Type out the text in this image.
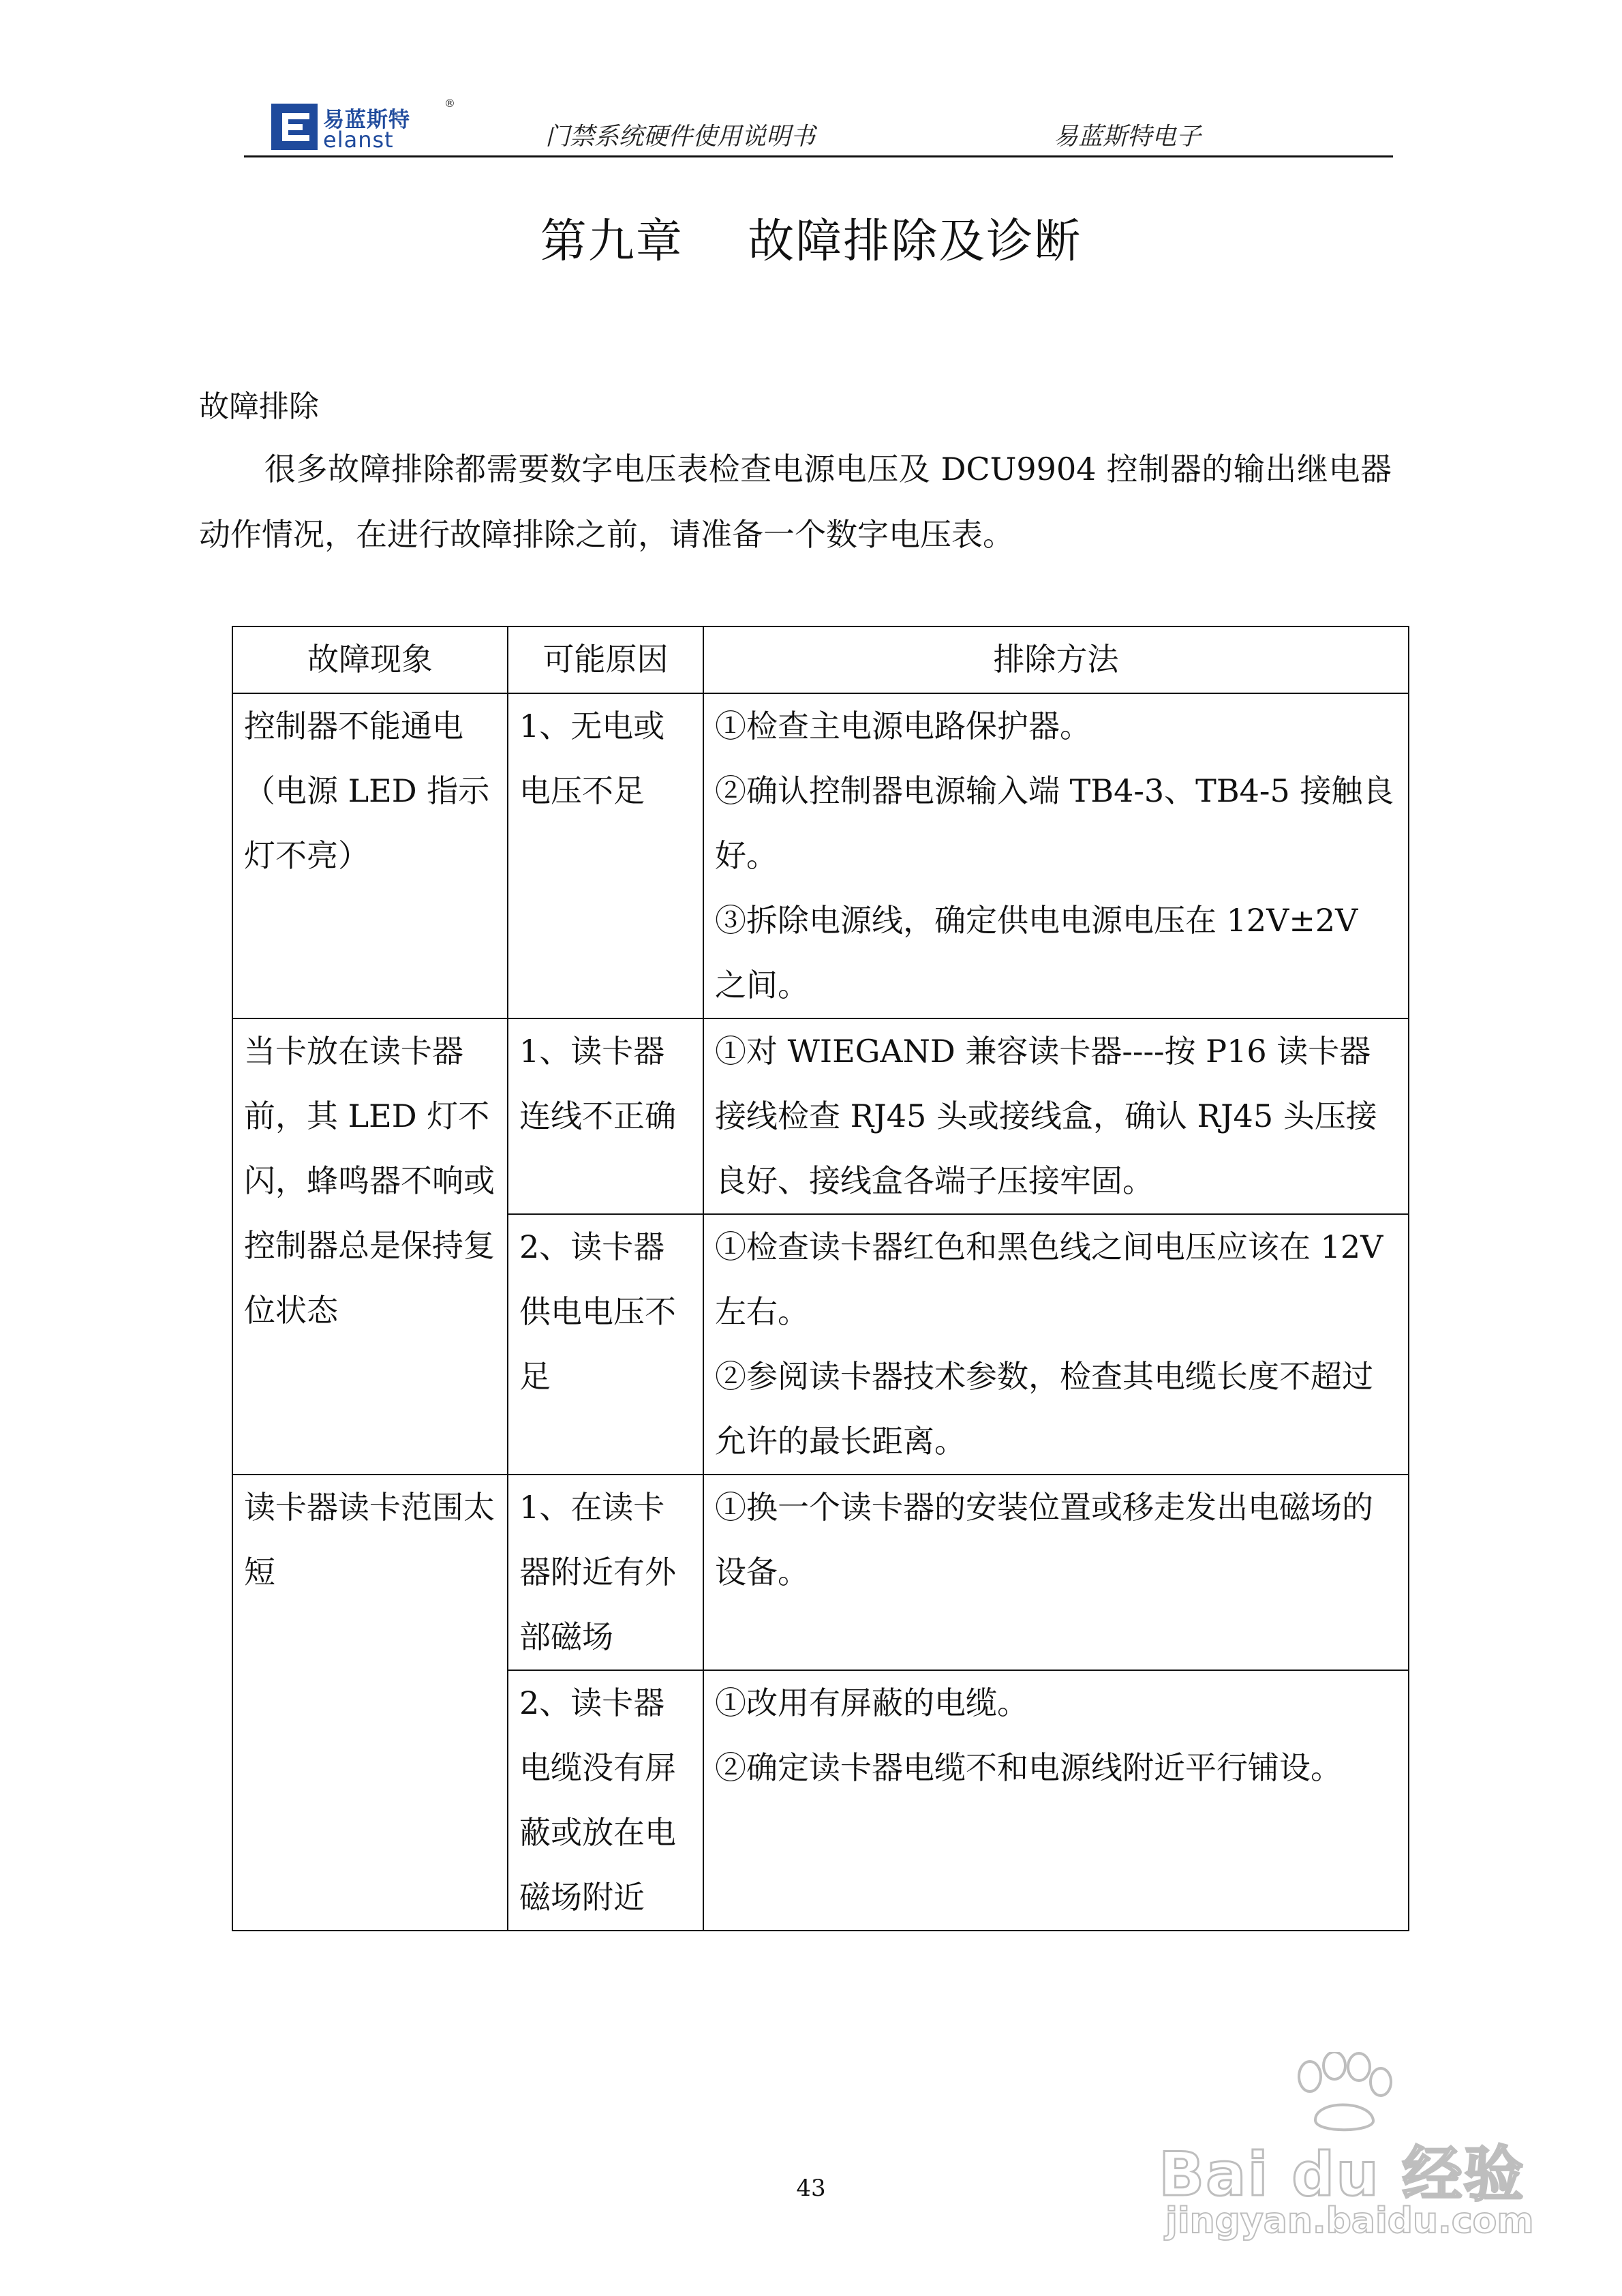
易蓝斯特
elanst
®
门禁系统硬件使用说明书	易蓝斯特电子
第九章    故障排除及诊断
故障排除
很多故障排除都需要数字电压表检查电源电压及 DCU9904 控制器的输出继电器动作情况，在进行故障排除之前，请准备一个数字电压表。
故障现象	可能原因	排除方法

控制器不能通电（电源 LED 指示灯不亮）	1、无电或电压不足	①检查主电源电路保护器。
②确认控制器电源输入端 TB4-3、TB4-5 接触良好。
③拆除电源线，确定供电电源电压在 12V±2V 之间。

当卡放在读卡器前，其 LED 灯不闪，蜂鸣器不响或控制器总是保持复位状态	1、读卡器连线不正确	①对 WIEGAND 兼容读卡器----按 P16 读卡器接线检查 RJ45 头或接线盒，确认 RJ45 头压接良好、接线盒各端子压接牢固。

	2、读卡器供电电压不足	①检查读卡器红色和黑色线之间电压应该在 12V 左右。
②参阅读卡器技术参数，检查其电缆长度不超过允许的最长距离。

读卡器读卡范围太短	1、在读卡器附近有外部磁场	①换一个读卡器的安装位置或移走发出电磁场的设备。

	2、读卡器电缆没有屏蔽或放在电磁场附近	①改用有屏蔽的电缆。
②确定读卡器电缆不和电源线附近平行铺设。
43	Bai du 经验
jingyan.baidu.com
